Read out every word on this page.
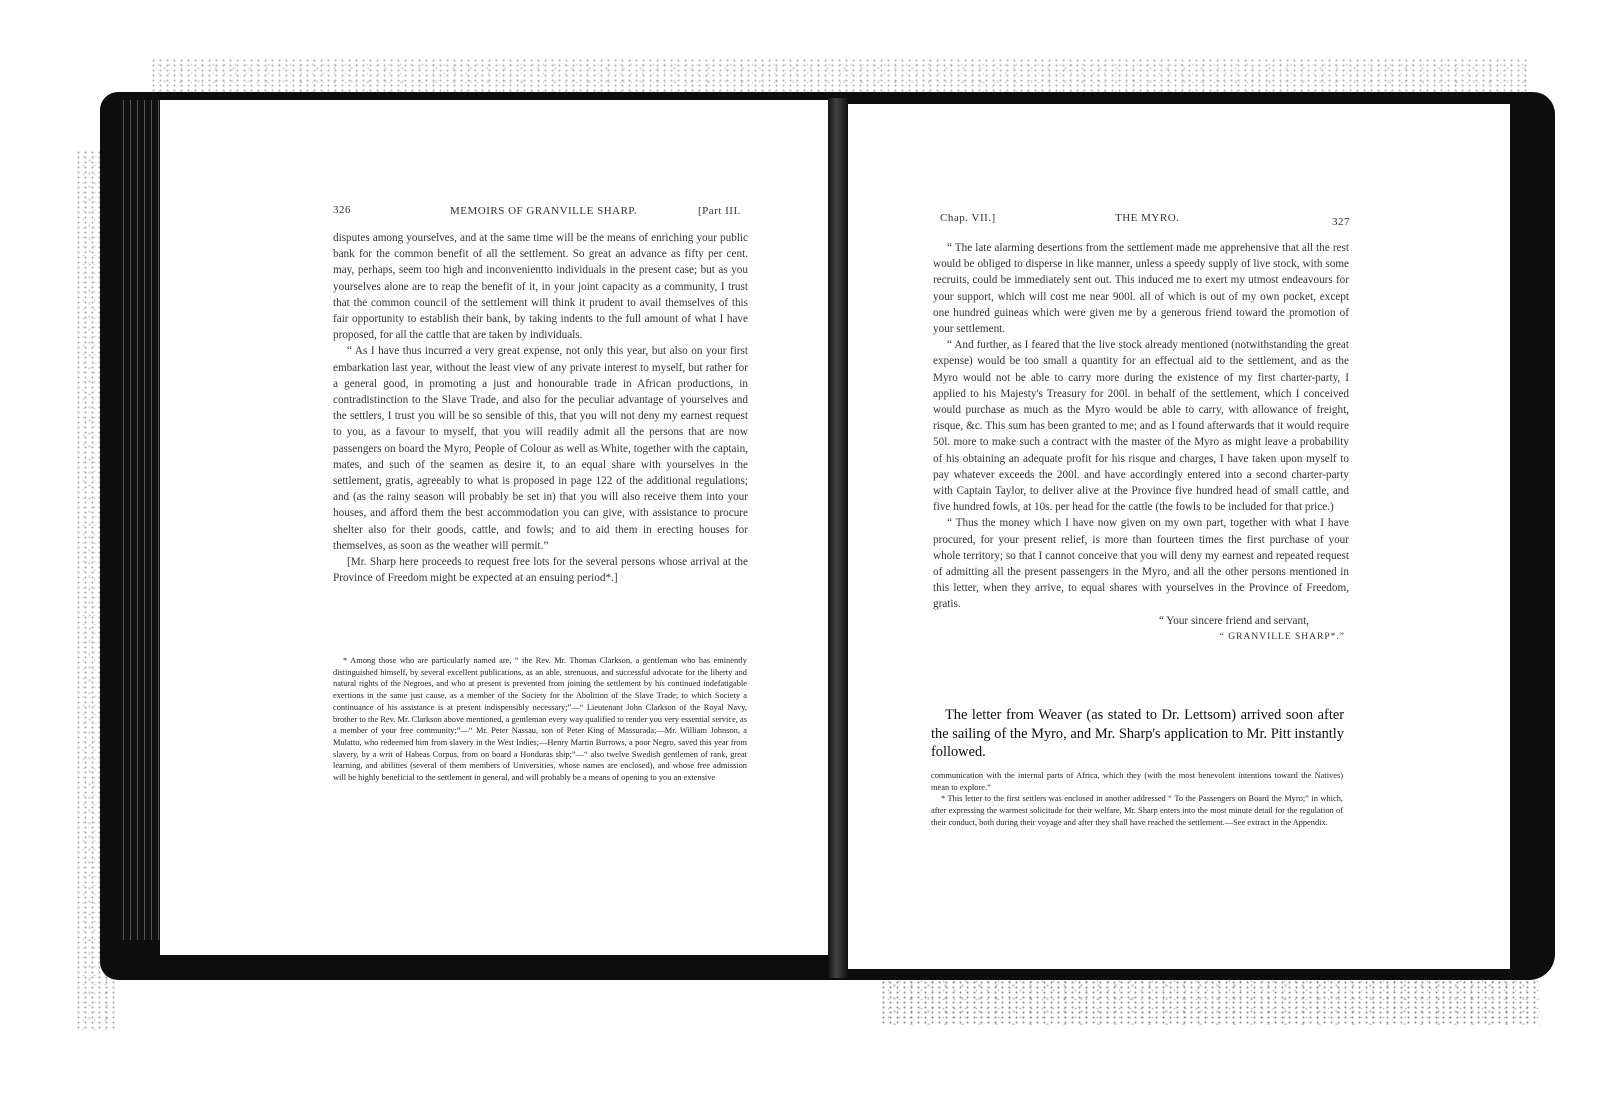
326	MEMOIRS OF GRANVILLE SHARP.	[Part III.

disputes among yourselves, and at the same time will be the means of enriching your public bank for the common benefit of all the settlement. So great an advance as fifty per cent. may, perhaps, seem too high and inconvenientto individuals in the present case; but as you yourselves alone are to reap the benefit of it, in your joint capacity as a community, I trust that the common council of the settlement will think it prudent to avail themselves of this fair opportunity to establish their bank, by taking indents to the full amount of what I have proposed, for all the cattle that are taken by individuals.

“ As I have thus incurred a very great expense, not only this year, but also on your first embarkation last year, without the least view of any private interest to myself, but rather for a general good, in promoting a just and honourable trade in African productions, in contradistinction to the Slave Trade, and also for the peculiar advantage of yourselves and the settlers, I trust you will be so sensible of this, that you will not deny my earnest request to you, as a favour to myself, that you will readily admit all the persons that are now passengers on board the Myro, People of Colour as well as White, together with the captain, mates, and such of the seamen as desire it, to an equal share with yourselves in the settlement, gratis, agreeably to what is proposed in page 122 of the additional regulations; and (as the rainy season will probably be set in) that you will also receive them into your houses, and afford them the best accommodation you can give, with assistance to procure shelter also for their goods, cattle, and fowls; and to aid them in erecting houses for themselves, as soon as the weather will permit.”

[Mr. Sharp here proceeds to request free lots for the several persons whose arrival at the Province of Freedom might be expected at an ensuing period*.]

* Among those who are particularly named are, “ the Rev. Mr. Thomas Clarkson, a gentleman who has eminently distinguished himself, by several excellent publications, as an able, strenuous, and successful advocate for the liberty and natural rights of the Negroes, and who at present is prevented from joining the settlement by his continued indefatigable exertions in the same just cause, as a member of the Society for the Abolition of the Slave Trade; to which Society a continuance of his assistance is at present indispensibly necessary;”—“ Lieutenant John Clarkson of the Royal Navy, brother to the Rev. Mr. Clarkson above mentioned, a gentleman every way qualified to render you very essential service, as a member of your free community;”—“ Mr. Peter Nassau, son of Peter King of Massurada;—Mr. William Johnson, a Mulatto, who redeemed him from slavery in the West Indies;—Henry Martin Burrows, a poor Negro, saved this year from slavery, by a writ of Habeas Corpus, from on board a Honduras ship;”—“ also twelve Swedish gentlemen of rank, great learning, and abilities (several of them members of Universities, whose names are enclosed), and whose free admission will be highly beneficial to the settlement in general, and will probably be a means of opening to you an extensive

Chap. VII.]	THE MYRO.	327

“ The late alarming desertions from the settlement made me apprehensive that all the rest would be obliged to disperse in like manner, unless a speedy supply of live stock, with some recruits, could be immediately sent out. This induced me to exert my utmost endeavours for your support, which will cost me near 900l. all of which is out of my own pocket, except one hundred guineas which were given me by a generous friend toward the promotion of your settlement.

“ And further, as I feared that the live stock already mentioned (notwithstanding the great expense) would be too small a quantity for an effectual aid to the settlement, and as the Myro would not be able to carry more during the existence of my first charter-party, I applied to his Majesty's Treasury for 200l. in behalf of the settlement, which I conceived would purchase as much as the Myro would be able to carry, with allowance of freight, risque, &c. This sum has been granted to me; and as I found afterwards that it would require 50l. more to make such a contract with the master of the Myro as might leave a probability of his obtaining an adequate profit for his risque and charges, I have taken upon myself to pay whatever exceeds the 200l. and have accordingly entered into a second charter-party with Captain Taylor, to deliver alive at the Province five hundred head of small cattle, and five hundred fowls, at 10s. per head for the cattle (the fowls to be included for that price.)

“ Thus the money which I have now given on my own part, together with what I have procured, for your present relief, is more than fourteen times the first purchase of your whole territory; so that I cannot conceive that you will deny my earnest and repeated request of admitting all the present passengers in the Myro, and all the other persons mentioned in this letter, when they arrive, to equal shares with yourselves in the Province of Freedom, gratis.

“ Your sincere friend and servant,

“ GRANVILLE SHARP*.”

The letter from Weaver (as stated to Dr. Lettsom) arrived soon after the sailing of the Myro, and Mr. Sharp's application to Mr. Pitt instantly followed.

communication with the internal parts of Africa, which they (with the most benevolent intentions toward the Natives) mean to explore.”

* This letter to the first settlers was enclosed in another addressed “ To the Passengers on Board the Myro;” in which, after expressing the warmest solicitude for their welfare, Mr. Sharp enters into the most minute detail for the regulation of their conduct, both during their voyage and after they shall have reached the settlement.—See extract in the Appendix.
